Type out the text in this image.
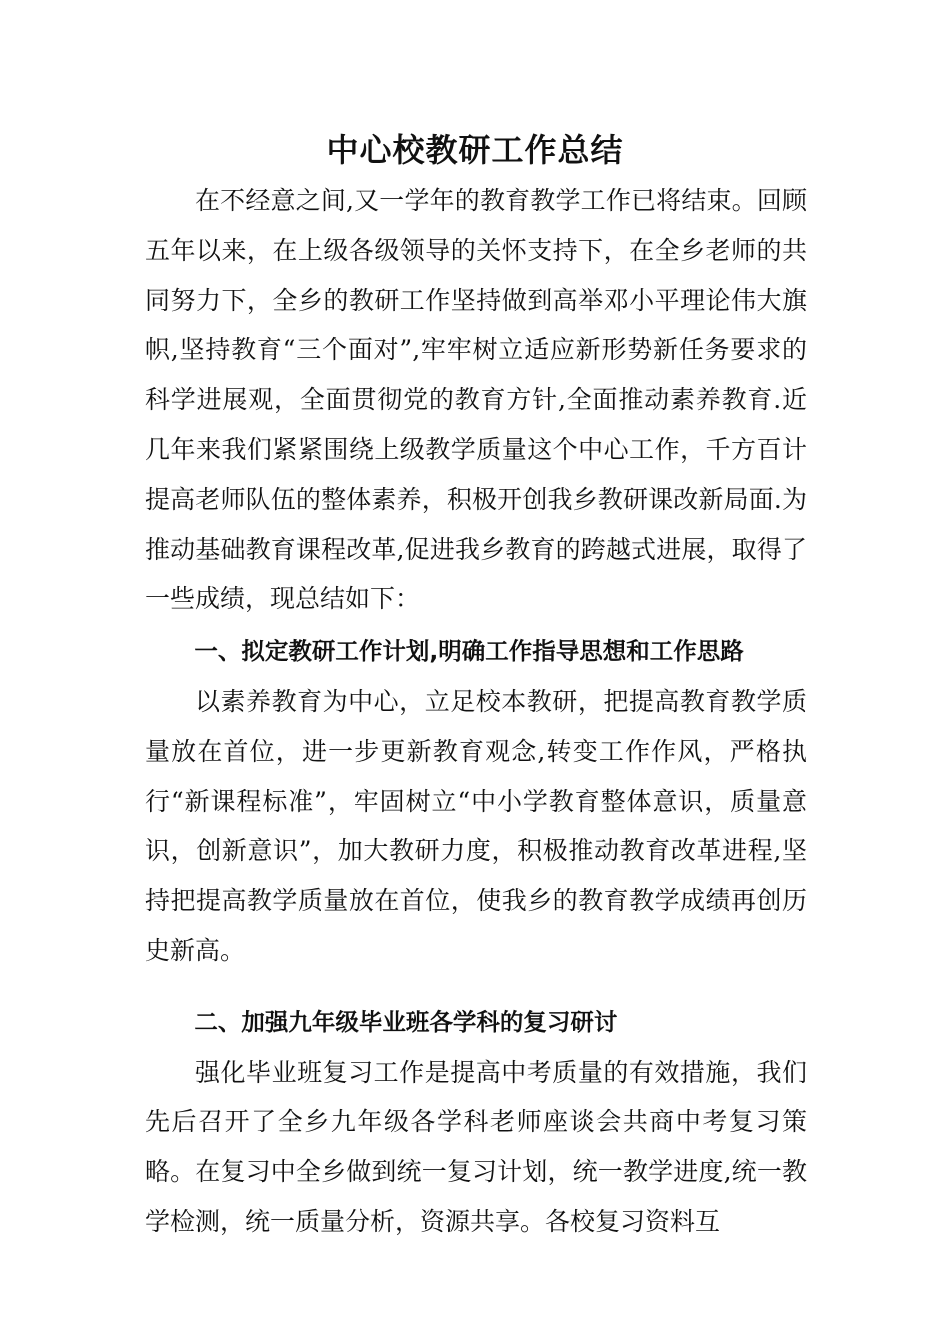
中心校教研工作总结

在不经意之间,又一学年的教育教学工作已将结束。回顾五年以来，在上级各级领导的关怀支持下，在全乡老师的共同努力下，全乡的教研工作坚持做到高举邓小平理论伟大旗帜,坚持教育“三个面对”,牢牢树立适应新形势新任务要求的科学进展观，全面贯彻党的教育方针,全面推动素养教育.近几年来我们紧紧围绕上级教学质量这个中心工作，千方百计提高老师队伍的整体素养，积极开创我乡教研课改新局面.为推动基础教育课程改革,促进我乡教育的跨越式进展，取得了一些成绩，现总结如下：

一、拟定教研工作计划,明确工作指导思想和工作思路

以素养教育为中心，立足校本教研，把提高教育教学质量放在首位，进一步更新教育观念,转变工作作风，严格执行“新课程标准”，牢固树立“中小学教育整体意识，质量意识，创新意识”，加大教研力度，积极推动教育改革进程,坚持把提高教学质量放在首位，使我乡的教育教学成绩再创历史新高。

二、加强九年级毕业班各学科的复习研讨

强化毕业班复习工作是提高中考质量的有效措施，我们先后召开了全乡九年级各学科老师座谈会共商中考复习策略。在复习中全乡做到统一复习计划，统一教学进度,统一教学检测，统一质量分析，资源共享。各校复习资料互
